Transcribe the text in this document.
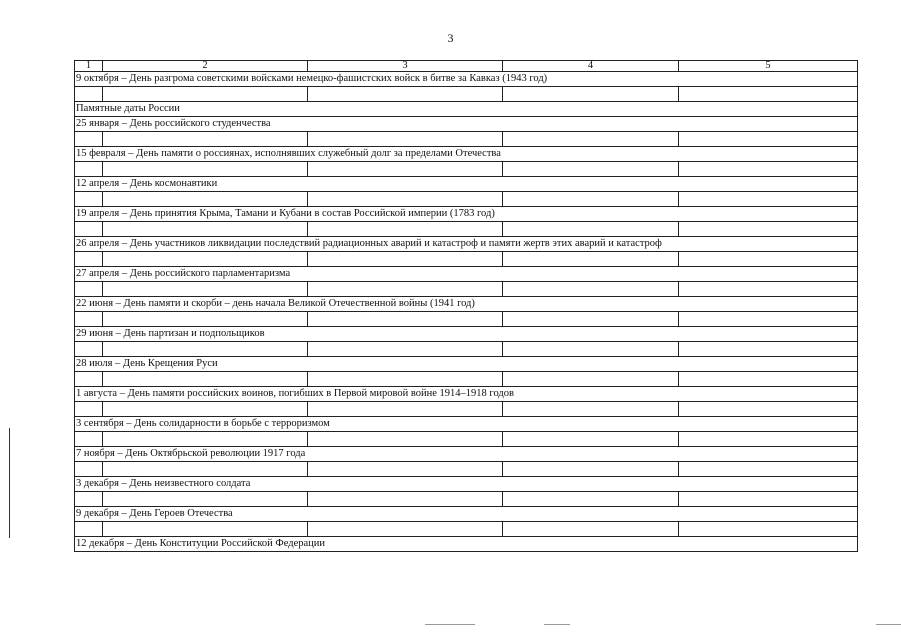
3
1	2	3	4	5
9 октября – День разгрома советскими войсками немецко-фашистских войск в битве за Кавказ (1943 год)				

Памятные даты России				
25 января – День российского студенчества				

15 февраля – День памяти о россиянах, исполнявших служебный долг за пределами Отечества				

12 апреля – День космонавтики				

19 апреля – День принятия Крыма, Тамани и Кубани в состав Российской империи (1783 год)				

26 апреля – День участников ликвидации последствий радиационных аварий и катастроф и памяти жертв этих аварий и катастроф				

27 апреля – День российского парламентаризма				

22 июня – День памяти и скорби – день начала Великой Отечественной войны (1941 год)				

29 июня – День партизан и подпольщиков				

28 июля – День Крещения Руси				

1 августа – День памяти российских воинов, погибших в Первой мировой войне 1914–1918 годов				

3 сентября – День солидарности в борьбе с терроризмом				

7 ноября – День Октябрьской революции 1917 года				

3 декабря – День неизвестного солдата				

9 декабря – День Героев Отечества				

12 декабря – День Конституции Российской Федерации				
